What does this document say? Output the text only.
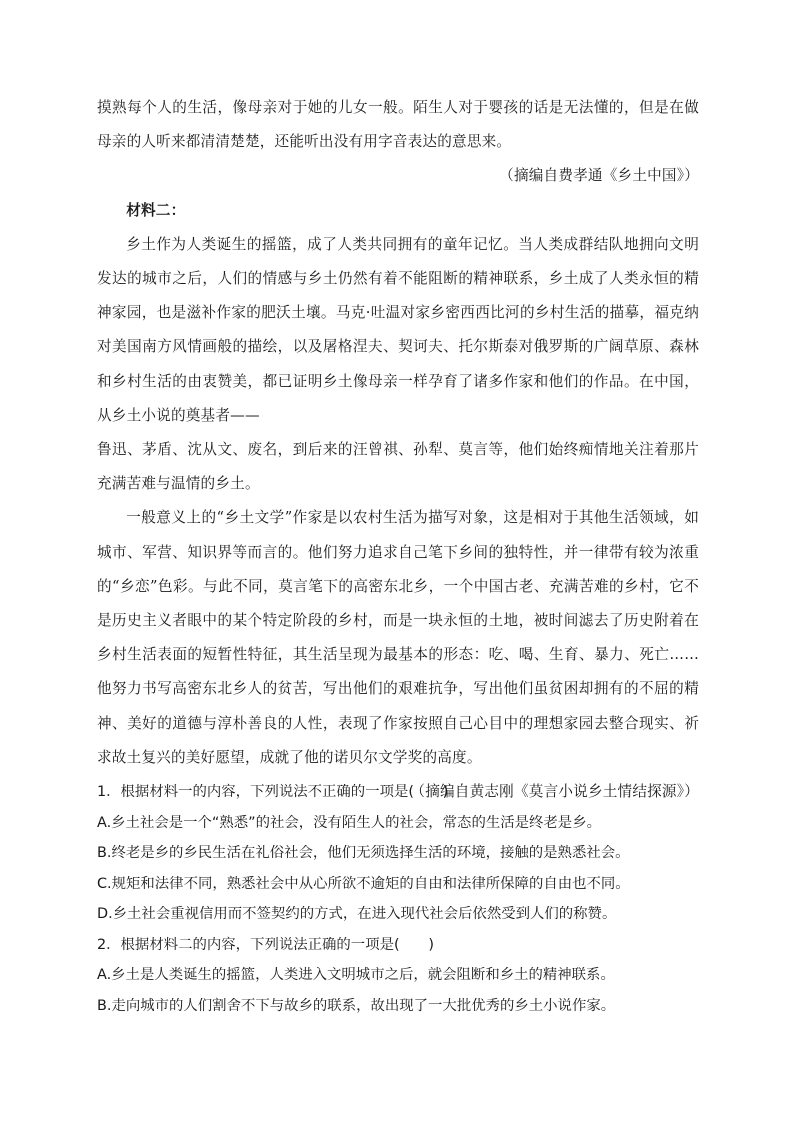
摸熟每个人的生活，像母亲对于她的儿女一般。陌生人对于婴孩的话是无法懂的，但是在做母亲的人听来都清清楚楚，还能听出没有用字音表达的意思来。

（摘编自费孝通《乡土中国》）

材料二：

乡土作为人类诞生的摇篮，成了人类共同拥有的童年记忆。当人类成群结队地拥向文明发达的城市之后，人们的情感与乡土仍然有着不能阻断的精神联系，乡土成了人类永恒的精神家园，也是滋补作家的肥沃土壤。马克·吐温对家乡密西西比河的乡村生活的描摹，福克纳对美国南方风情画般的描绘，以及屠格涅夫、契诃夫、托尔斯泰对俄罗斯的广阔草原、森林和乡村生活的由衷赞美，都已证明乡土像母亲一样孕育了诸多作家和他们的作品。在中国，从乡土小说的奠基者——

鲁迅、茅盾、沈从文、废名，到后来的汪曾祺、孙犁、莫言等，他们始终痴情地关注着那片充满苦难与温情的乡土。

一般意义上的“乡土文学”作家是以农村生活为描写对象，这是相对于其他生活领域，如城市、军营、知识界等而言的。他们努力追求自己笔下乡间的独特性，并一律带有较为浓重的“乡恋”色彩。与此不同，莫言笔下的高密东北乡，一个中国古老、充满苦难的乡村，它不是历史主义者眼中的某个特定阶段的乡村，而是一块永恒的土地，被时间滤去了历史附着在乡村生活表面的短暂性特征，其生活呈现为最基本的形态：吃、喝、生育、暴力、死亡……他努力书写高密东北乡人的贫苦，写出他们的艰难抗争，写出他们虽贫困却拥有的不屈的精神、美好的道德与淳朴善良的人性，表现了作家按照自己心目中的理想家园去整合现实、祈求故土复兴的美好愿望，成就了他的诺贝尔文学奖的高度。

（摘编自黄志刚《莫言小说乡土情结探源》）

1．根据材料一的内容，下列说法不正确的一项是(　　)
A.乡土社会是一个“熟悉”的社会，没有陌生人的社会，常态的生活是终老是乡。
B.终老是乡的乡民生活在礼俗社会，他们无须选择生活的环境，接触的是熟悉社会。
C.规矩和法律不同，熟悉社会中从心所欲不逾矩的自由和法律所保障的自由也不同。
D.乡土社会重视信用而不签契约的方式，在进入现代社会后依然受到人们的称赞。
2．根据材料二的内容，下列说法正确的一项是(　　)
A.乡土是人类诞生的摇篮，人类进入文明城市之后，就会阻断和乡土的精神联系。
B.走向城市的人们割舍不下与故乡的联系，故出现了一大批优秀的乡土小说作家。
